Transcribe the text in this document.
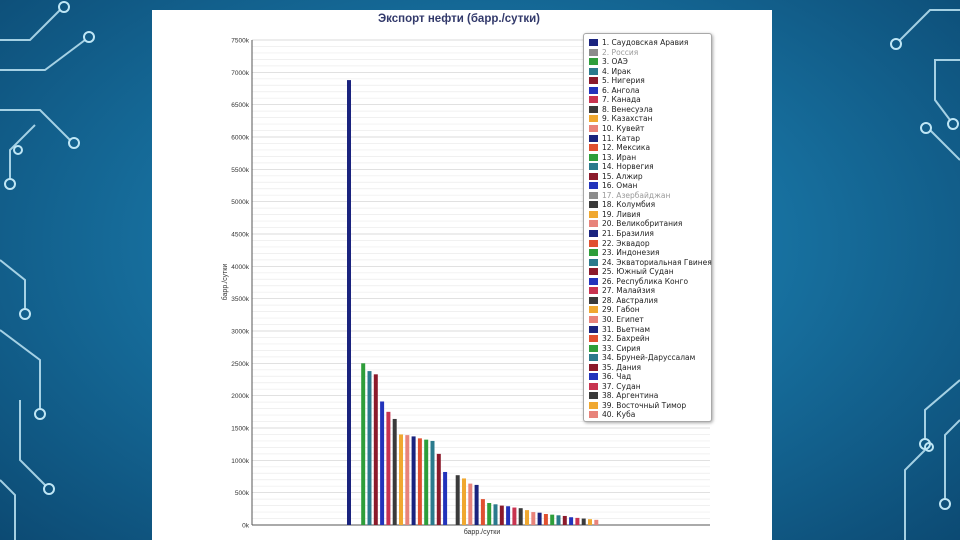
Экспорт нефти (барр./сутки)
0k
500k
1000k
1500k
2000k
2500k
3000k
3500k
4000k
4500k
5000k
5500k
6000k
6500k
7000k
7500k
барр./сутки
барр./сутки
1. Саудовская Аравия
2. Россия
3. ОАЭ
4. Ирак
5. Нигерия
6. Ангола
7. Канада
8. Венесуэла
9. Казахстан
10. Кувейт
11. Катар
12. Мексика
13. Иран
14. Норвегия
15. Алжир
16. Оман
17. Азербайджан
18. Колумбия
19. Ливия
20. Великобритания
21. Бразилия
22. Эквадор
23. Индонезия
24. Экваториальная Гвинея
25. Южный Судан
26. Республика Конго
27. Малайзия
28. Австралия
29. Габон
30. Египет
31. Вьетнам
32. Бахрейн
33. Сирия
34. Бруней-Даруссалам
35. Дания
36. Чад
37. Судан
38. Аргентина
39. Восточный Тимор
40. Куба
